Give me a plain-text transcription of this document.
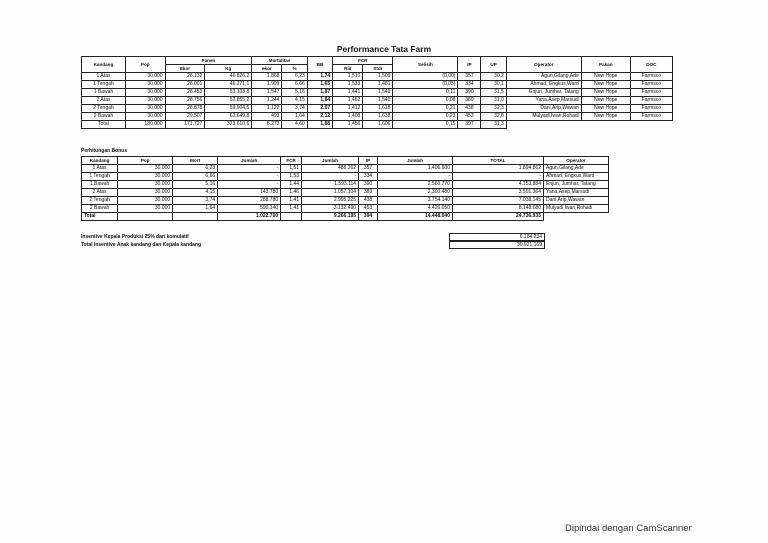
Performance Tata Farm
Kandang	Pop	Panen		Mortalitas		BB	FCR		Selisih	IP	UP	Operator	Pakan	DOC
		Ekor	Kg	ekor	%		Riil	Stdr						
1 Atas	30.000	28.132	46.826,2	1.868	6,23	1,74	1,510	1,509	(0,00)	357	30,2	Agun,Gilang,Ade	New Hope	Farmsco
1 Tengah	30.000	28.001	46.271,1	1.999	6,66	1,65	1,533	1,481	(0,05)	334	30,1	Ahmad, Engkus,Ward	New Hope	Farmsco
1 Bawah	30.000	28.453	53.103,8	1.547	5,16	1,87	1,441	1,549	0,11	390	31,5	Enjun, Jumhar, Tatang	New Hope	Farmsco
2 Atas	30.000	28.756	52.855,2	1.244	4,15	1,84	1,462	1,540	0,08	389	31,0	Yana,Asep,Marsudi	New Hope	Farmsco
2 Tengah	30.000	28.878	59.904,5	1.122	3,74	2,07	1,412	1,618	0,21	438	32,3	Dani,Arip,Wawan	New Hope	Farmsco
2 Bawah	30.000	29.507	62.649,8	493	1,64	2,12	1,408	1,638	0,23	453	32,8	Mulyadi,Iwan,Rohadi	New Hope	Farmsco
Total	180.000	171.727	323.610,6	8.273	4,60	1,88	1,456	1,606	0,15	397	31,3			
Perhitungan Bonus
Kandang	Pop	Mort	Jumlah	FCR	Jumlah	IP	Jumlah	TOTAL	Operator
1 Atas	30.000	6,23	-	1,51	488.262	357	1.406.600	1.894.862	Agun,Gilang,Ade
1 Tengah	30.000	6,66	-	1,53	-	334	-	-	Ahmad, Engkus,Ward
1 Bawah	30.000	5,16	-	1,44	1.593.114	390	2.560.770	4.153.884	Enjun, Jumhar, Tatang
2 Atas	30.000	4,15	143.780	1,46	1.057.104	389	2.300.480	3.501.364	Yana,Asep,Marsudi
2 Tengah	30.000	3,74	288.780	1,41	2.995.225	438	3.754.140	7.038.145	Dani,Arip,Wawan
2 Bawah	30.000	1,64	590.140	1,41	3.132.490	453	4.426.050	8.148.680	Mulyadi,Iwan,Rohadi
Total			1.022.700		9.266.195	394	14.448.040	24.736.935	
Insentive Kepala Produksi 25% dari komulatif	6.184.234
Total Insentive Anak kandang dan Kepala kandang	30.921.169
Dipindai dengan CamScanner
